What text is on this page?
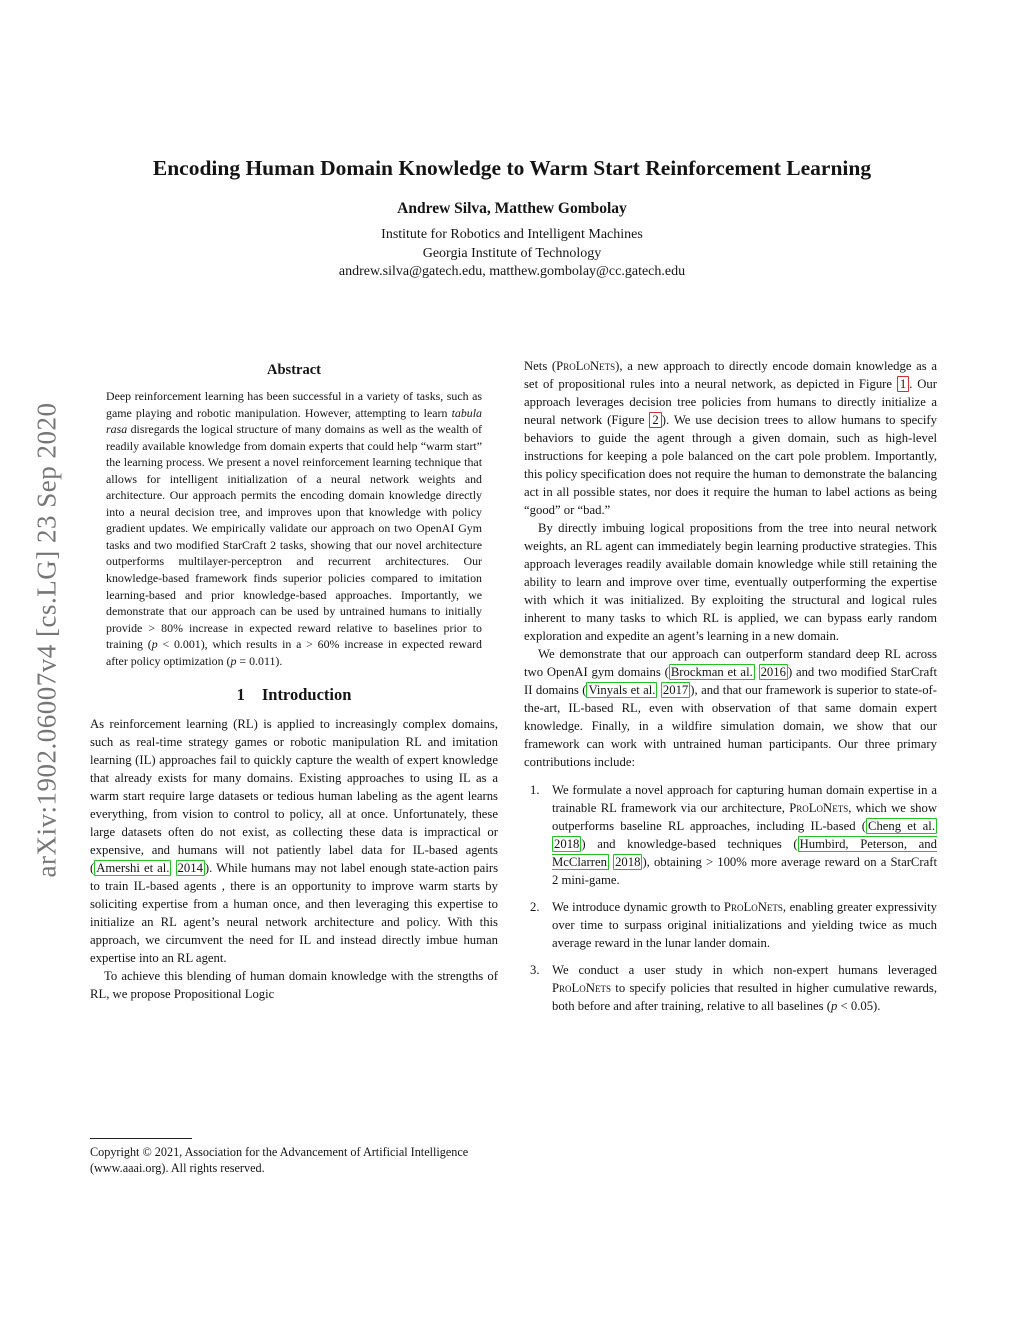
arXiv:1902.06007v4 [cs.LG] 23 Sep 2020
Encoding Human Domain Knowledge to Warm Start Reinforcement Learning
Andrew Silva, Matthew Gombolay
Institute for Robotics and Intelligent Machines
Georgia Institute of Technology
andrew.silva@gatech.edu, matthew.gombolay@cc.gatech.edu
Abstract

Deep reinforcement learning has been successful in a variety of tasks, such as game playing and robotic manipulation. However, attempting to learn tabula rasa disregards the logical structure of many domains as well as the wealth of readily available knowledge from domain experts that could help “warm start” the learning process. We present a novel reinforcement learning technique that allows for intelligent initialization of a neural network weights and architecture. Our approach permits the encoding domain knowledge directly into a neural decision tree, and improves upon that knowledge with policy gradient updates. We empirically validate our approach on two OpenAI Gym tasks and two modified StarCraft 2 tasks, showing that our novel architecture outperforms multilayer-perceptron and recurrent architectures. Our knowledge-based framework finds superior policies compared to imitation learning-based and prior knowledge-based approaches. Importantly, we demonstrate that our approach can be used by untrained humans to initially provide > 80% increase in expected reward relative to baselines prior to training (p < 0.001), which results in a > 60% increase in expected reward after policy optimization (p = 0.011).

1 Introduction

As reinforcement learning (RL) is applied to increasingly complex domains, such as real-time strategy games or robotic manipulation RL and imitation learning (IL) approaches fail to quickly capture the wealth of expert knowledge that already exists for many domains. Existing approaches to using IL as a warm start require large datasets or tedious human labeling as the agent learns everything, from vision to control to policy, all at once. Unfortunately, these large datasets often do not exist, as collecting these data is impractical or expensive, and humans will not patiently label data for IL-based agents ( Amershi et al. 2014 ). While humans may not label enough state-action pairs to train IL-based agents , there is an opportunity to improve warm starts by soliciting expertise from a human once, and then leveraging this expertise to initialize an RL agent’s neural network architecture and policy. With this approach, we circumvent the need for IL and instead directly imbue human expertise into an RL agent.

To achieve this blending of human domain knowledge with the strengths of RL, we propose Propositional Logic

Nets (ProLoNets), a new approach to directly encode domain knowledge as a set of propositional rules into a neural network, as depicted in Figure 1 . Our approach leverages decision tree policies from humans to directly initialize a neural network (Figure 2 ). We use decision trees to allow humans to specify behaviors to guide the agent through a given domain, such as high-level instructions for keeping a pole balanced on the cart pole problem. Importantly, this policy specification does not require the human to demonstrate the balancing act in all possible states, nor does it require the human to label actions as being “good” or “bad.”

By directly imbuing logical propositions from the tree into neural network weights, an RL agent can immediately begin learning productive strategies. This approach leverages readily available domain knowledge while still retaining the ability to learn and improve over time, eventually outperforming the expertise with which it was initialized. By exploiting the structural and logical rules inherent to many tasks to which RL is applied, we can bypass early random exploration and expedite an agent’s learning in a new domain.

We demonstrate that our approach can outperform standard deep RL across two OpenAI gym domains ( Brockman et al. 2016 ) and two modified StarCraft II domains ( Vinyals et al. 2017 ), and that our framework is superior to state-of-the-art, IL-based RL, even with observation of that same domain expert knowledge. Finally, in a wildfire simulation domain, we show that our framework can work with untrained human participants. Our three primary contributions include:

1. We formulate a novel approach for capturing human domain expertise in a trainable RL framework via our architecture, ProLoNets, which we show outperforms baseline RL approaches, including IL-based ( Cheng et al. 2018 ) and knowledge-based techniques ( Humbird, Peterson, and McClarren 2018 ), obtaining > 100% more average reward on a StarCraft 2 mini-game.
2. We introduce dynamic growth to ProLoNets, enabling greater expressivity over time to surpass original initializations and yielding twice as much average reward in the lunar lander domain.
3. We conduct a user study in which non-expert humans leveraged ProLoNets to specify policies that resulted in higher cumulative rewards, both before and after training, relative to all baselines (p < 0.05).
Copyright © 2021, Association for the Advancement of Artificial Intelligence (www.aaai.org). All rights reserved.
